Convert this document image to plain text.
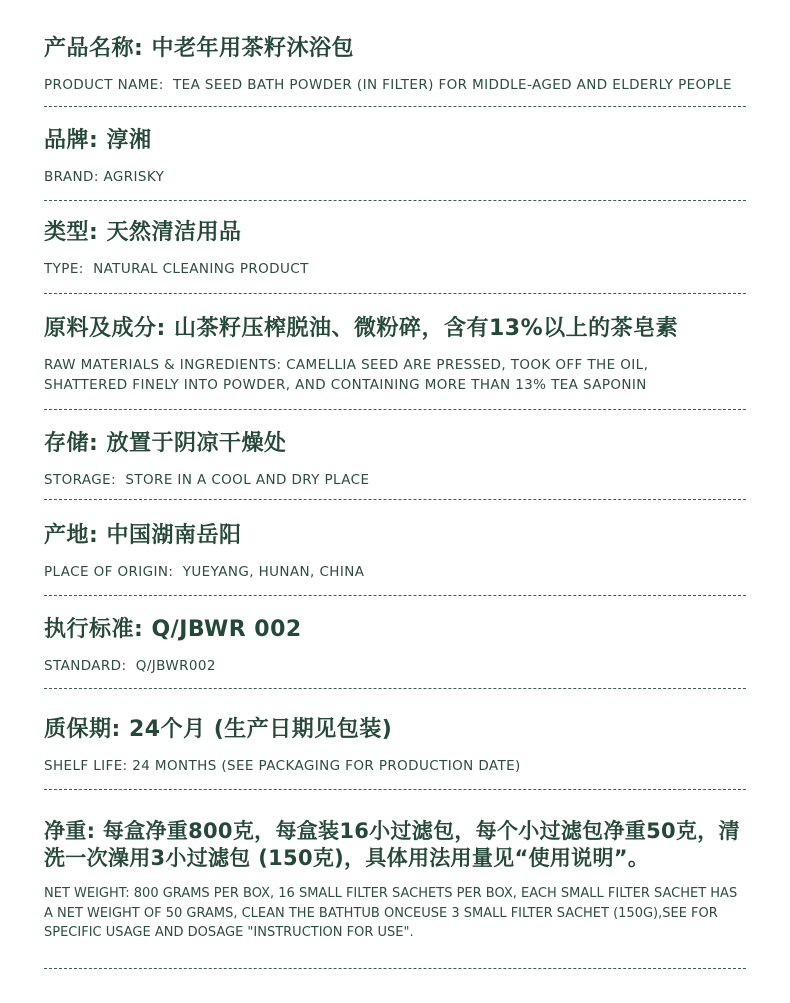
产品名称: 中老年用茶籽沐浴包
PRODUCT NAME:  TEA SEED BATH POWDER (IN FILTER) FOR MIDDLE-AGED AND ELDERLY PEOPLE
品牌: 淳湘
BRAND: AGRISKY
类型: 天然清洁用品
TYPE:  NATURAL CLEANING PRODUCT
原料及成分: 山茶籽压榨脱油、微粉碎，含有13%以上的茶皂素
RAW MATERIALS & INGREDIENTS: CAMELLIA SEED ARE PRESSED, TOOK OFF THE OIL,
SHATTERED FINELY INTO POWDER, AND CONTAINING MORE THAN 13% TEA SAPONIN
存储: 放置于阴凉干燥处
STORAGE:  STORE IN A COOL AND DRY PLACE
产地: 中国湖南岳阳
PLACE OF ORIGIN:  YUEYANG, HUNAN, CHINA
执行标准: Q/JBWR 002
STANDARD:  Q/JBWR002
质保期: 24个月 (生产日期见包装)
SHELF LIFE: 24 MONTHS (SEE PACKAGING FOR PRODUCTION DATE)
净重: 每盒净重800克，每盒装16小过滤包，每个小过滤包净重50克，清洗一次澡用3小过滤包 (150克)，具体用法用量见“使用说明”。
NET WEIGHT: 800 GRAMS PER BOX, 16 SMALL FILTER SACHETS PER BOX, EACH SMALL FILTER SACHET HAS
A NET WEIGHT OF 50 GRAMS, CLEAN THE BATHTUB ONCEUSE 3 SMALL FILTER SACHET (150G),SEE FOR
SPECIFIC USAGE AND DOSAGE "INSTRUCTION FOR USE".
